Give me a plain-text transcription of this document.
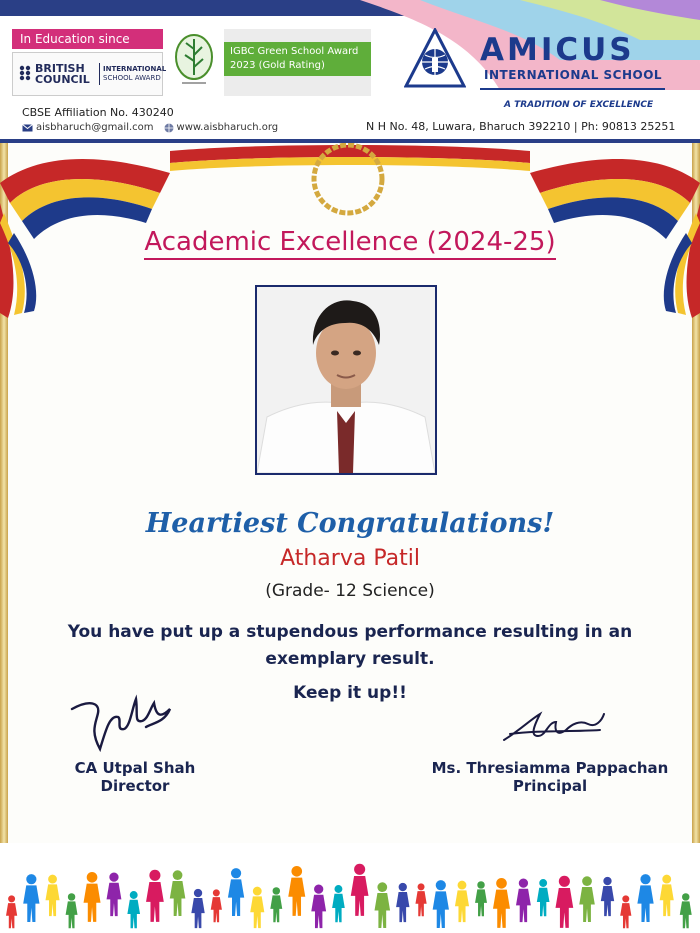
In Education since
BRITISH
COUNCIL
INTERNATIONAL
SCHOOL AWARD
IGBC Green School Award
2023 (Gold Rating)	AMICUS
INTERNATIONAL SCHOOL
A TRADITION OF EXCELLENCE
CBSE Affiliation No. 430240
aisbharuch@gmail.com www.aisbharuch.org	N H No. 48, Luwara, Bharuch 392210 | Ph: 90813 25251
Academic Excellence (2024-25)
Heartiest Congratulations!
Atharva Patil
(Grade- 12 Science)
You have put up a stupendous performance resulting in an exemplary result.
Keep it up!!
CA Utpal Shah
Director
Ms. Thresiamma Pappachan
Principal
